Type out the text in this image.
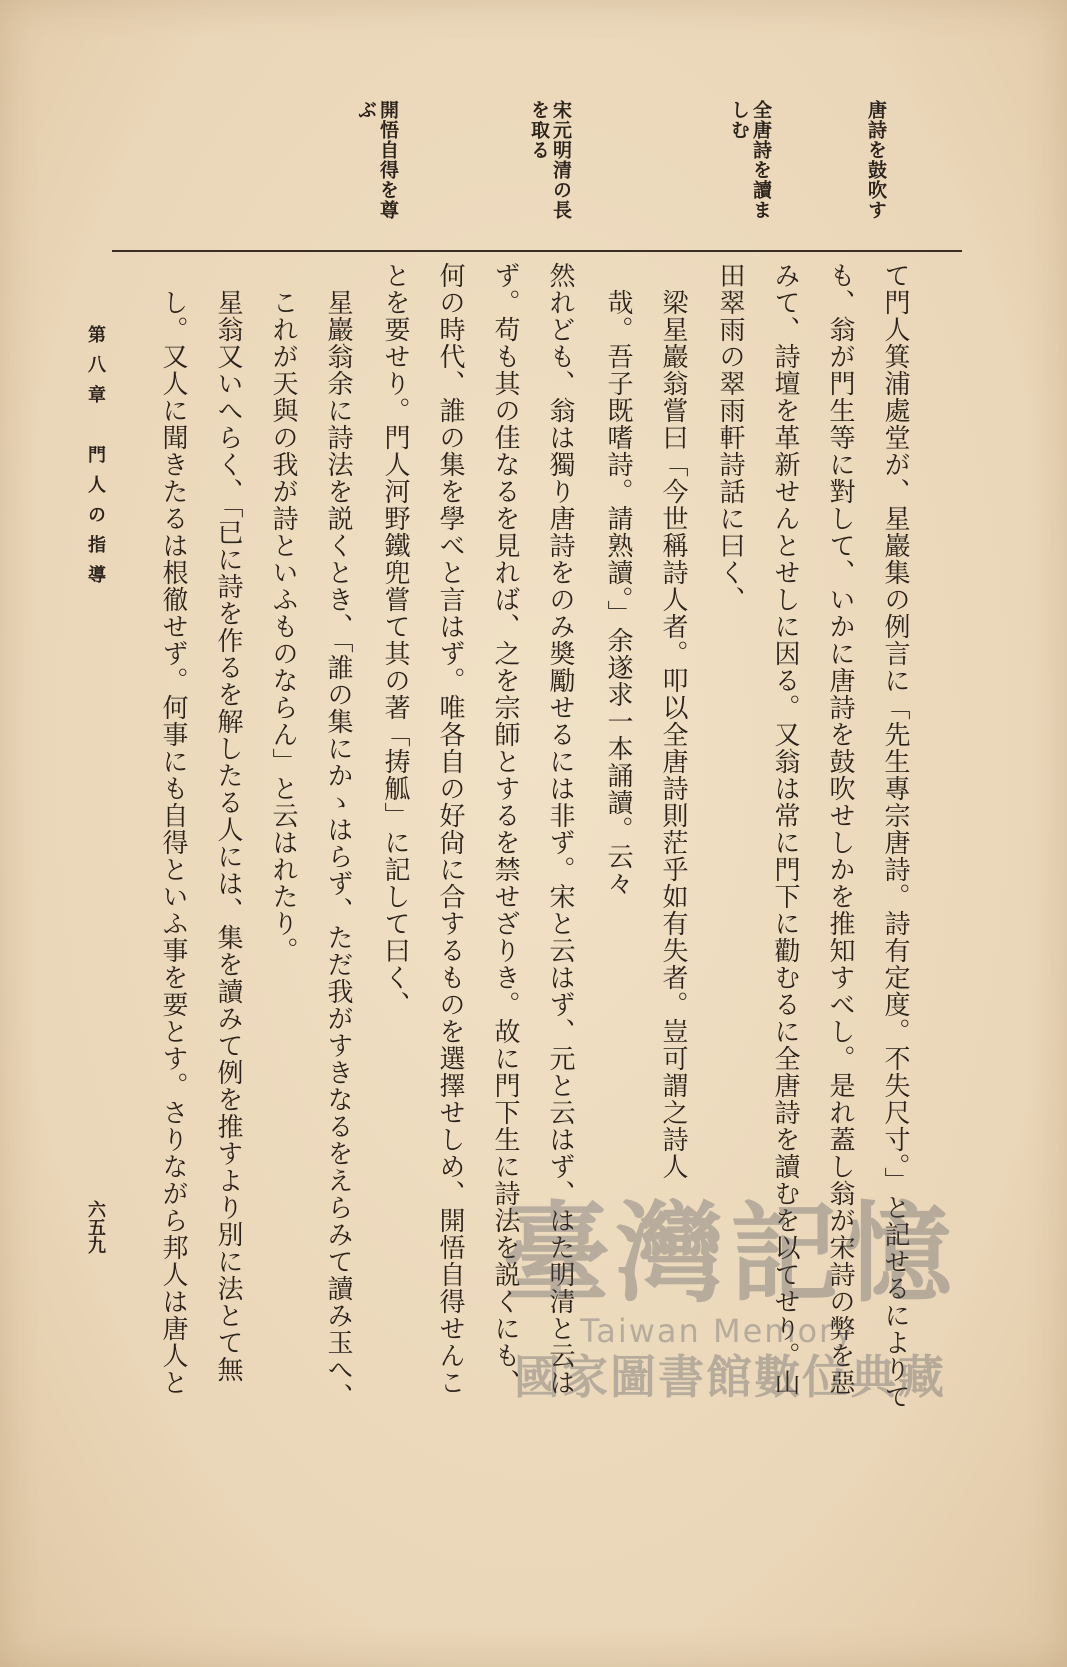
唐詩を鼓吹す
全唐詩を讀ま
しむ
宋元明清の長
を取る
開悟自得を尊
ぶ
て門人箕浦處堂が、星巖集の例言に「先生專宗唐詩。詩有定度。不失尺寸。」と記せるによりて
も、翁が門生等に對して、いかに唐詩を鼓吹せしかを推知すべし。是れ蓋し翁が宋詩の弊を惡
みて、詩壇を革新せんとせしに因る。又翁は常に門下に勸むるに全唐詩を讀むを以てせり。山
田翠雨の翠雨軒詩話に曰く、
　梁星巖翁嘗曰「今世稱詩人者。叩以全唐詩則茫乎如有失者。豈可謂之詩人
　哉。吾子既嗜詩。請熟讀。」余遂求一本誦讀。云々
然れども、翁は獨り唐詩をのみ奬勵せるには非ず。宋と云はず、元と云はず、はた明清と云は
ず。苟も其の佳なるを見れば、之を宗師とするを禁せざりき。故に門下生に詩法を説くにも、
何の時代、誰の集を學べと言はず。唯各自の好尙に合するものを選擇せしめ、開悟自得せんこ
とを要せり。門人河野鐵兜嘗て其の著「𢭏觚」に記して曰く、
　星巖翁余に詩法を説くとき、「誰の集にかゝはらず、ただ我がすきなるをえらみて讀み玉へ、
　これが天與の我が詩といふものならん」と云はれたり。
　星翁又いへらく、「已に詩を作るを解したる人には、集を讀みて例を推すより別に法とて無
　し。又人に聞きたるは根徹せず。何事にも自得といふ事を要とす。さりながら邦人は唐人と
第八章　門人の指導
六五九	臺灣記憶
Taiwan Memory
國家圖書館數位典藏
